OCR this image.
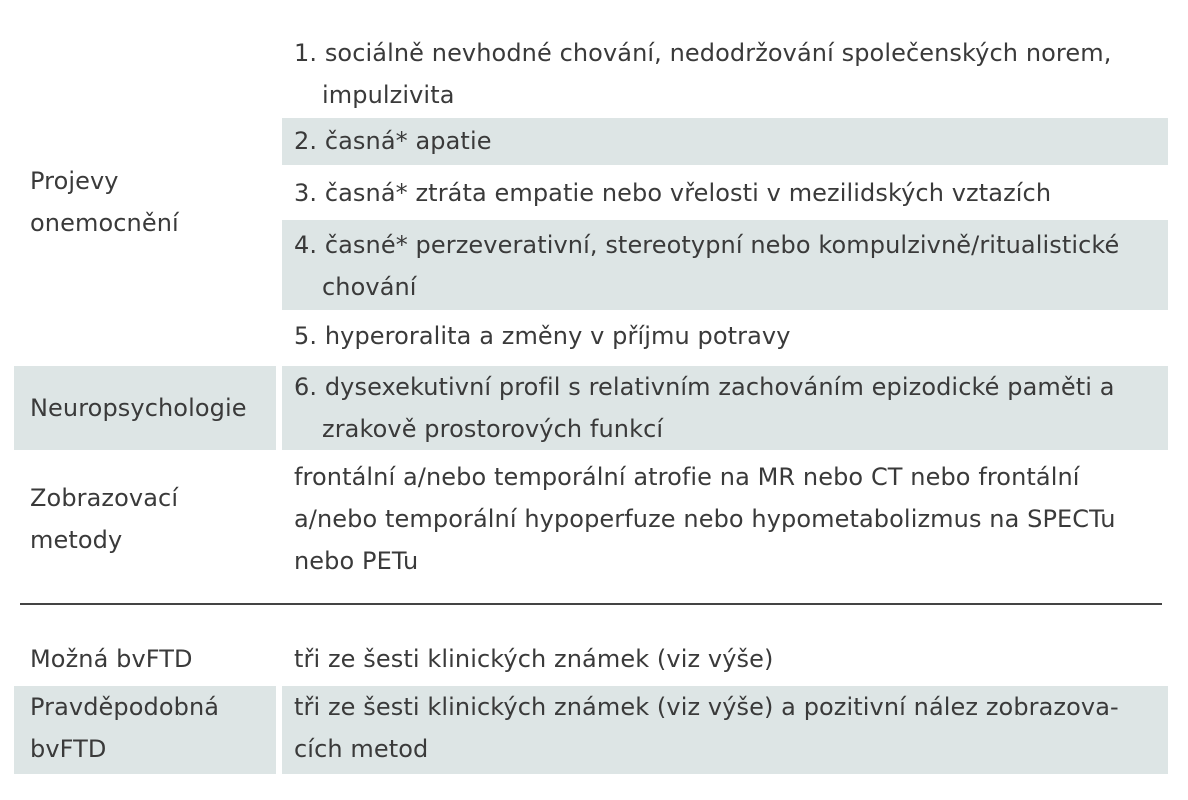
Projevy onemocnění
Neuropsychologie
Zobrazovací metody
1. sociálně nevhodné chování, nedodržování společenských norem, impulzivita
2. časná* apatie
3. časná* ztráta empatie nebo vřelosti v mezilidských vztazích
4. časné* perzeverativní, stereotypní nebo kompulzivně/ritualistické chování
5. hyperoralita a změny v příjmu potravy
6. dysexekutivní profil s relativním zachováním epizodické paměti a zrakově prostorových funkcí
frontální a/nebo temporální atrofie na MR nebo CT nebo frontální a/nebo temporální hypoperfuze nebo hypometabolizmus na SPECTu nebo PETu
Možná bvFTD	tři ze šesti klinických známek (viz výše)
Pravděpodobná bvFTD
tři ze šesti klinických známek (viz výše) a pozitivní nález zobrazova-cích metod
